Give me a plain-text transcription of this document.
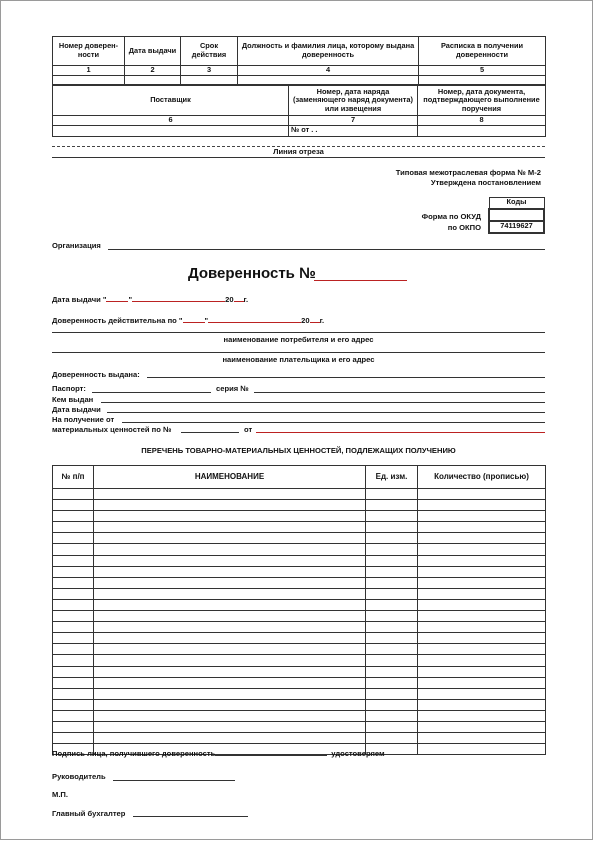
Номер доверен-ности	Дата выдачи	Срок действия	Должность и фамилия лица, которому выдана доверенность	Расписка в получении доверенности
1	2	3	4	5

Поставщик	Номер, дата наряда (заменяющего наряд документа) или извещения	Номер, дата документа, подтверждающего выполнение поручения
6	7	8
	№ от . .	
Линия отреза
Типовая межотраслевая форма № М-2
Утверждена постановлением
Коды

74119627
Форма по ОКУД
по ОКПО
Организация
Доверенность №
Дата выдачи "	"	20 г.
Доверенность действительна по "	"	20 г.
наименование потребителя и его адрес
наименование плательщика и его адрес
Доверенность выдана:
Паспорт:	серия №
Кем выдан
Дата выдачи
На получение от
материальных ценностей по №	от
ПЕРЕЧЕНЬ ТОВАРНО-МАТЕРИАЛЬНЫХ ЦЕННОСТЕЙ, ПОДЛЕЖАЩИХ ПОЛУЧЕНИЮ
№ п/п	НАИМЕНОВАНИЕ	Ед. изм.	Количество (прописью)

Подпись лица, получившего доверенность	удостоверяем
Руководитель
М.П.
Главный бухгалтер
